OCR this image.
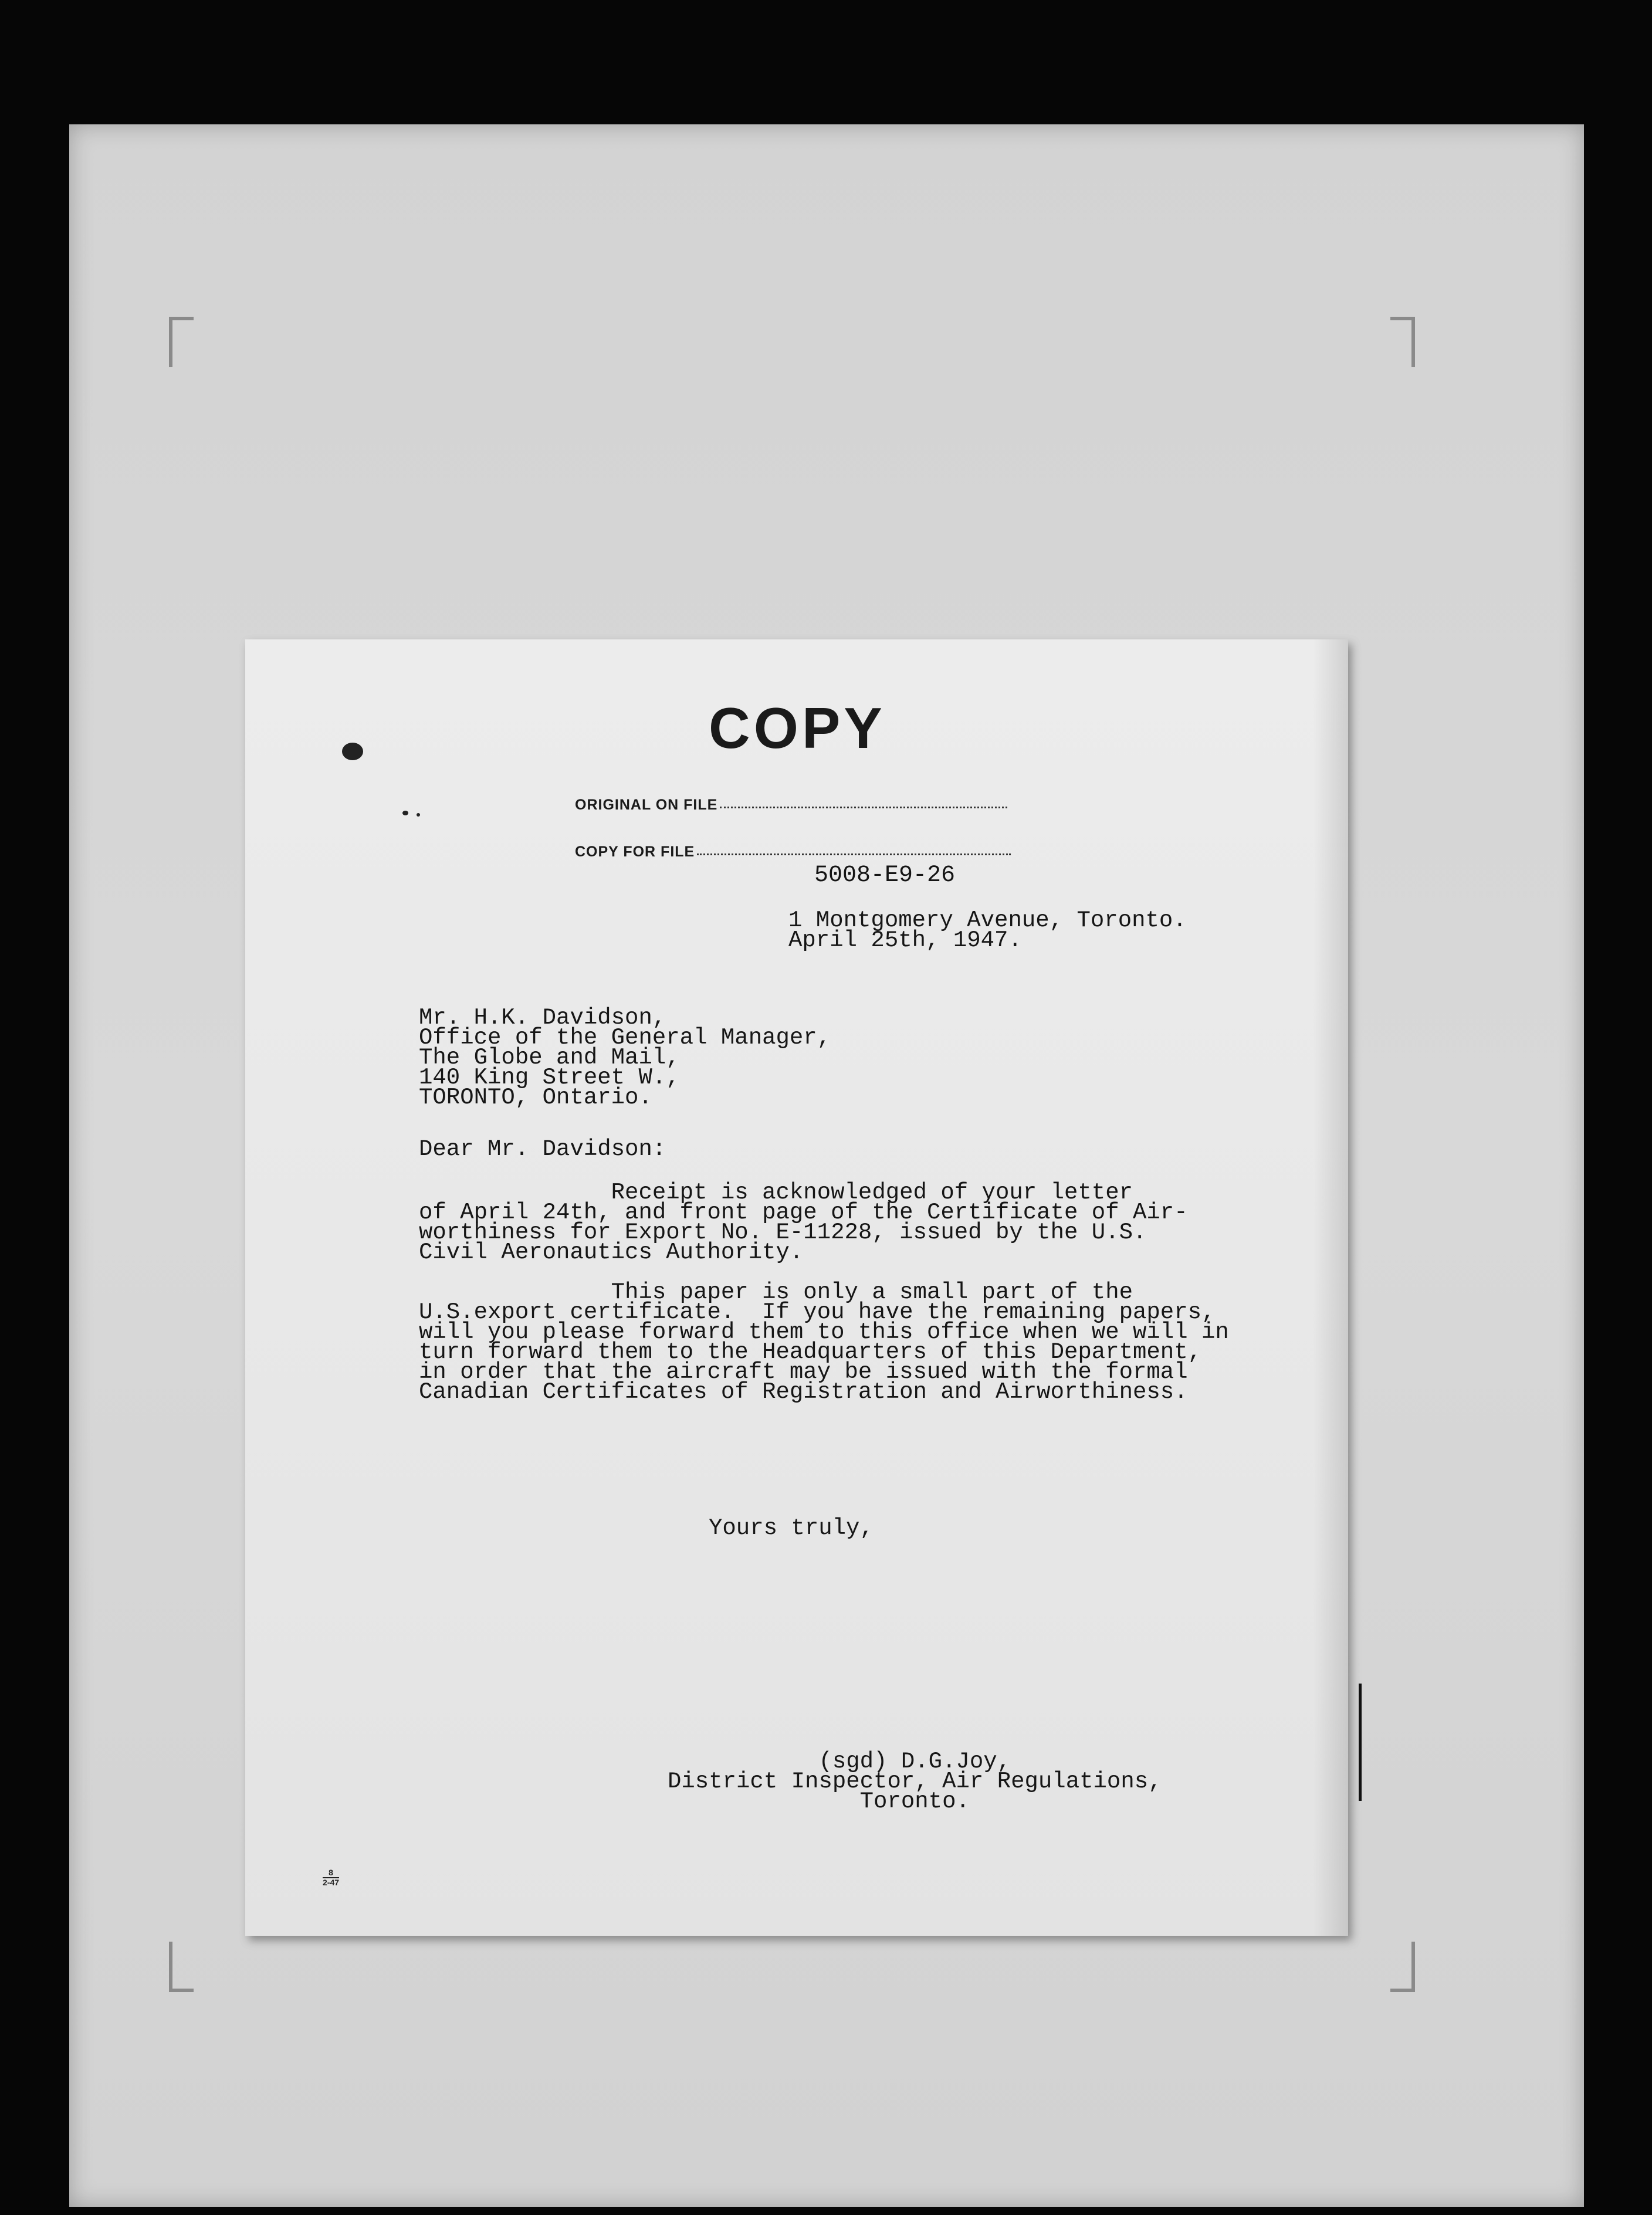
COPY
ORIGINAL ON FILE
COPY FOR FILE
5008-E9-26
1 Montgomery Avenue, Toronto.
April 25th, 1947.
Mr. H.K. Davidson,
Office of the General Manager,
The Globe and Mail,
140 King Street W.,
TORONTO, Ontario.
Dear Mr. Davidson:
Receipt is acknowledged of your letter
of April 24th, and front page of the Certificate of Air-
worthiness for Export No. E-11228, issued by the U.S.
Civil Aeronautics Authority.

This paper is only a small part of the
U.S.export certificate.  If you have the remaining papers,
will you please forward them to this office when we will in
turn forward them to the Headquarters of this Department,
in order that the aircraft may be issued with the formal
Canadian Certificates of Registration and Airworthiness.
Yours truly,
(sgd) D.G.Joy,
District Inspector, Air Regulations,
Toronto.
8
2-47
